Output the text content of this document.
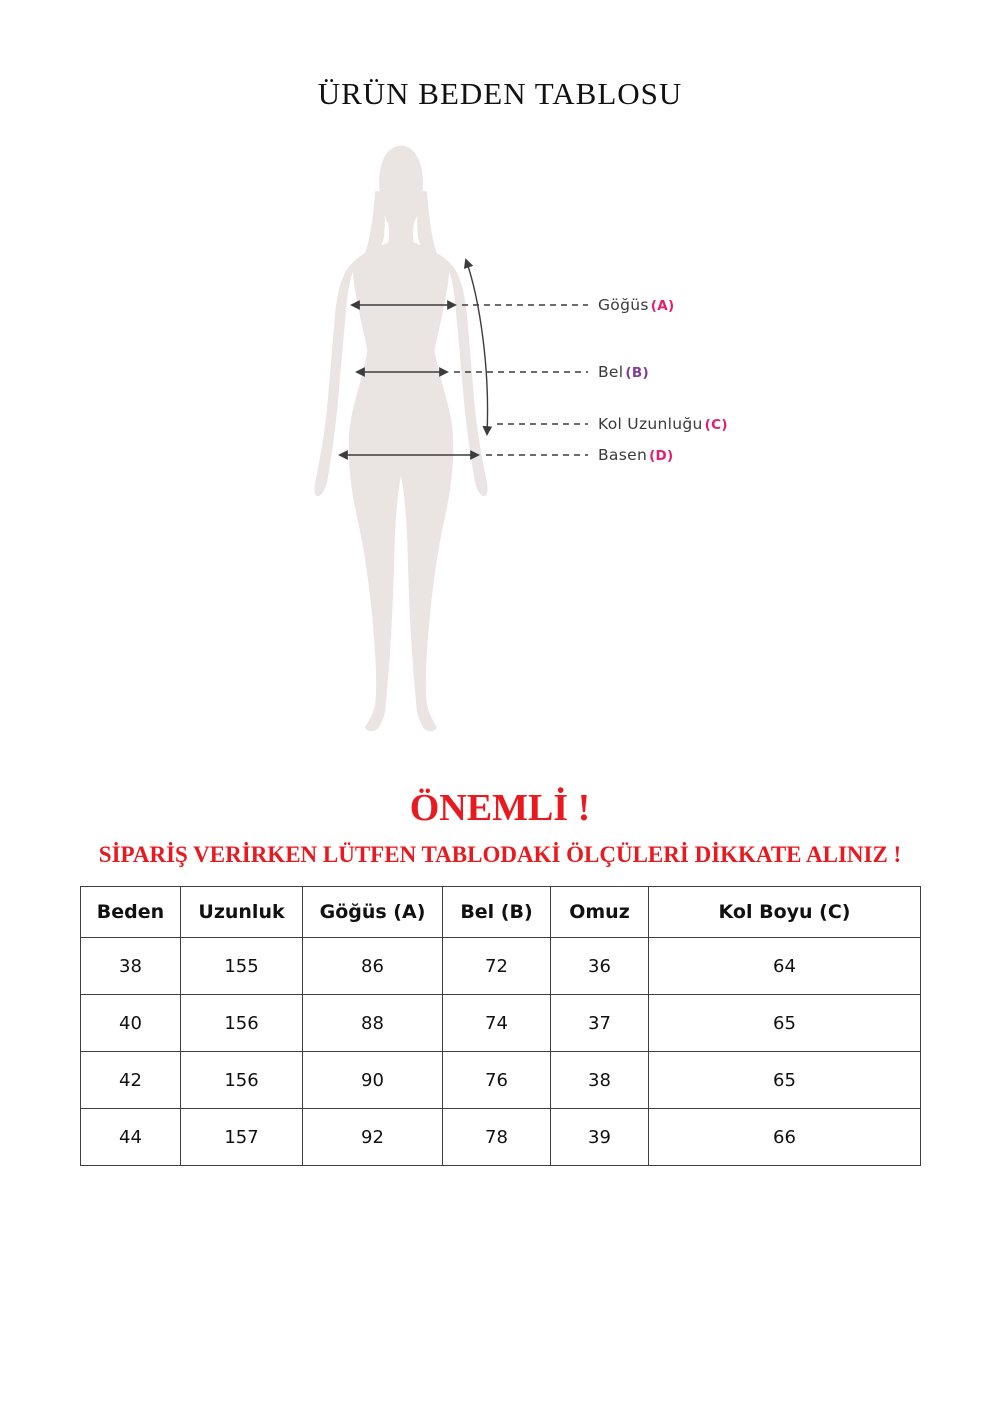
ÜRÜN BEDEN TABLOSU
Göğüs (A)
Bel (B)
Kol Uzunluğu (C)
Basen (D)
ÖNEMLİ !
SİPARİŞ VERİRKEN LÜTFEN TABLODAKİ ÖLÇÜLERİ DİKKATE ALINIZ !
Beden	Uzunluk	Göğüs (A)	Bel (B)	Omuz	Kol Boyu (C)
38	155	86	72	36	64
40	156	88	74	37	65
42	156	90	76	38	65
44	157	92	78	39	66
